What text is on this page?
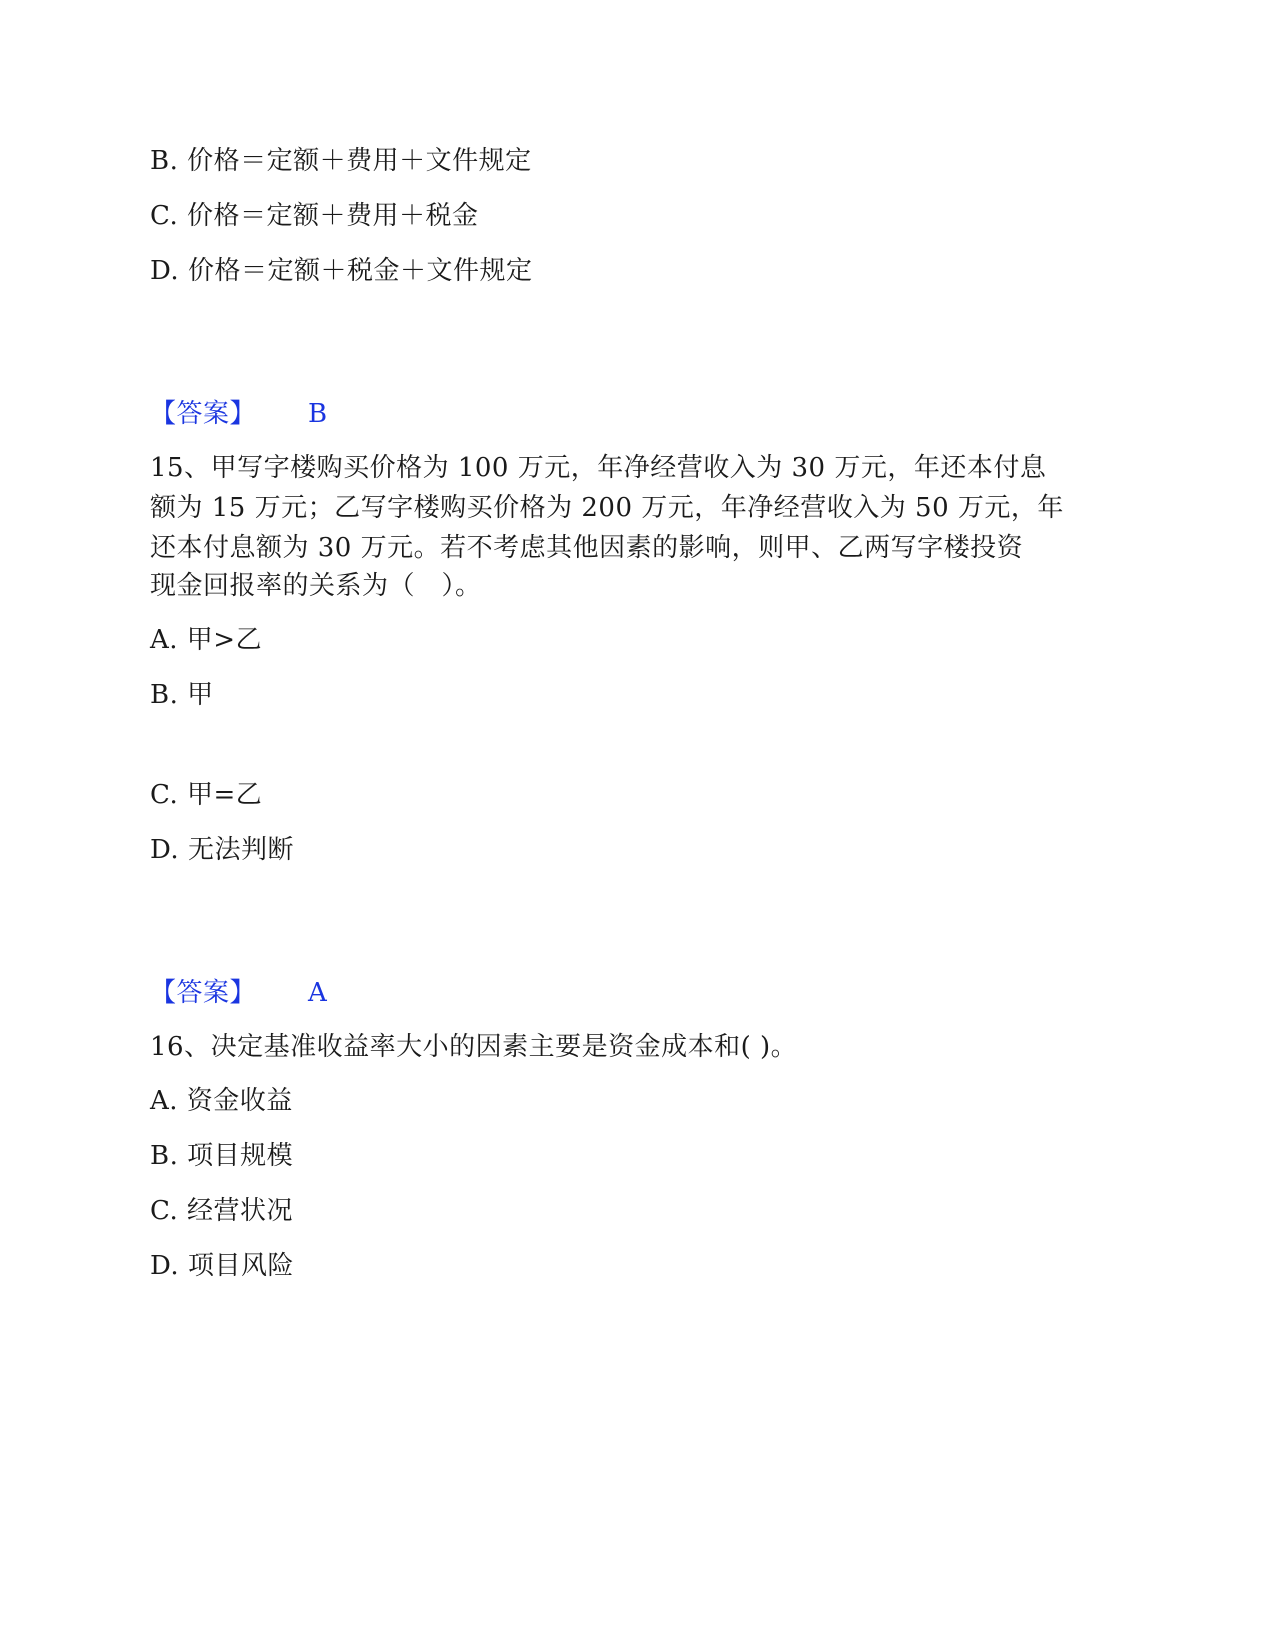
B. 价格＝定额＋费用＋文件规定
C. 价格＝定额＋费用＋税金
D. 价格＝定额＋税金＋文件规定
【答案】 B
15、甲写字楼购买价格为 100 万元，年净经营收入为 30 万元，年还本付息
额为 15 万元；乙写字楼购买价格为 200 万元，年净经营收入为 50 万元，年
还本付息额为 30 万元。若不考虑其他因素的影响，则甲、乙两写字楼投资
现金回报率的关系为（　）。
A. 甲>乙
B. 甲
C. 甲=乙
D. 无法判断
【答案】 A
16、决定基准收益率大小的因素主要是资金成本和( )。
A. 资金收益
B. 项目规模
C. 经营状况
D. 项目风险
